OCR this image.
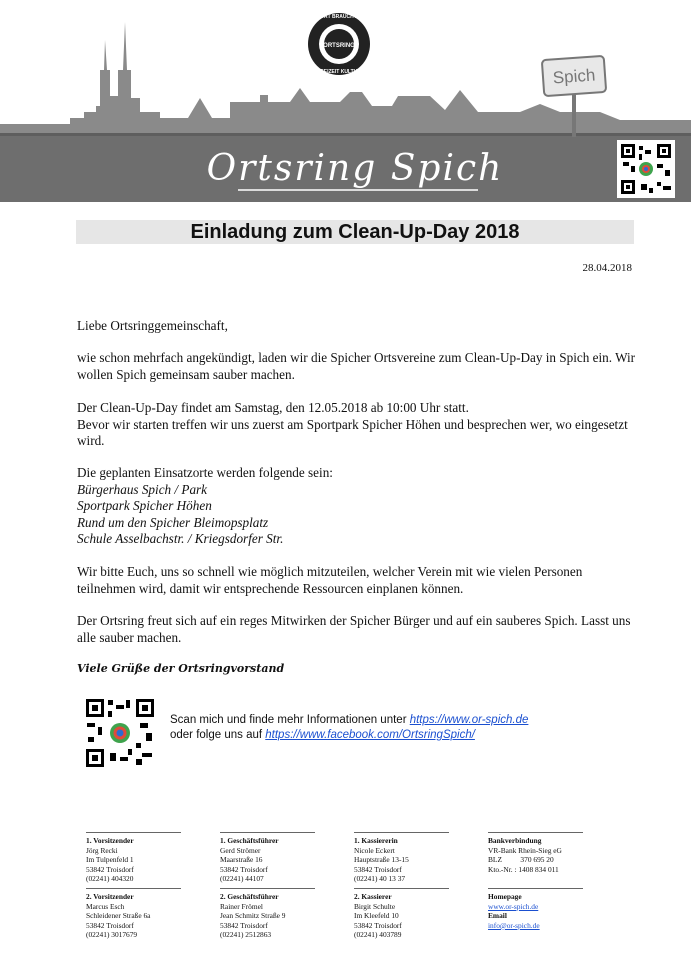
Spich
ORTSRING
SPORT BRAUCHTUM
FREIZEIT KULTUR
Ortsring Spich
Einladung zum Clean-Up-Day 2018
28.04.2018

Liebe Ortsringgemeinschaft,

wie schon mehrfach angekündigt, laden wir die Spicher Ortsvereine zum Clean-Up-Day in Spich ein. Wir wollen Spich gemeinsam sauber machen.

Der Clean-Up-Day findet am Samstag, den 12.05.2018 ab 10:00 Uhr statt.
Bevor wir starten treffen wir uns zuerst am Sportpark Spicher Höhen und besprechen wer, wo eingesetzt wird.
Die geplanten Einsatzorte werden folgende sein:
Bürgerhaus Spich / Park
Sportpark Spicher Höhen
Rund um den Spicher Bleimopsplatz
Schule Asselbachstr. / Kriegsdorfer Str.

Wir bitte Euch, uns so schnell wie möglich mitzuteilen, welcher Verein mit wie vielen Personen teilnehmen wird, damit wir entsprechende Ressourcen einplanen können.

Der Ortsring freut sich auf ein reges Mitwirken der Spicher Bürger und auf ein sauberes Spich. Lasst uns alle sauber machen.

Viele Grüße der Ortsringvorstand
Scan mich und finde mehr Informationen unter https://www.or-spich.de
oder folge uns auf https://www.facebook.com/OrtsringSpich/
1. Vorsitzender
Jörg Recki
Im Tulpenfeld 1
53842 Troisdorf
(02241) 404320
2. Vorsitzender
Marcus Esch
Schleidener Straße 6a
53842 Troisdorf
(02241) 3017679
1. Geschäftsführer
Gerd Strömer
Maarstraße 16
53842 Troisdorf
(02241) 44107
2. Geschäftsführer
Rainer Frömel
Jean Schmitz Straße 9
53842 Troisdorf
(02241) 2512863
1. Kassiererin
Nicole Eckert
Hauptstraße 13-15
53842 Troisdorf
(02241) 40 13 37
2. Kassierer
Birgit Schulte
Im Kleefeld 10
53842 Troisdorf
(02241) 403789
Bankverbindung
VR-Bank Rhein-Sieg eG
BLZ          370 695 20
Kto.-Nr. : 1408 834 011

Homepage
www.or-spich.de
Email
info@or-spich.de
